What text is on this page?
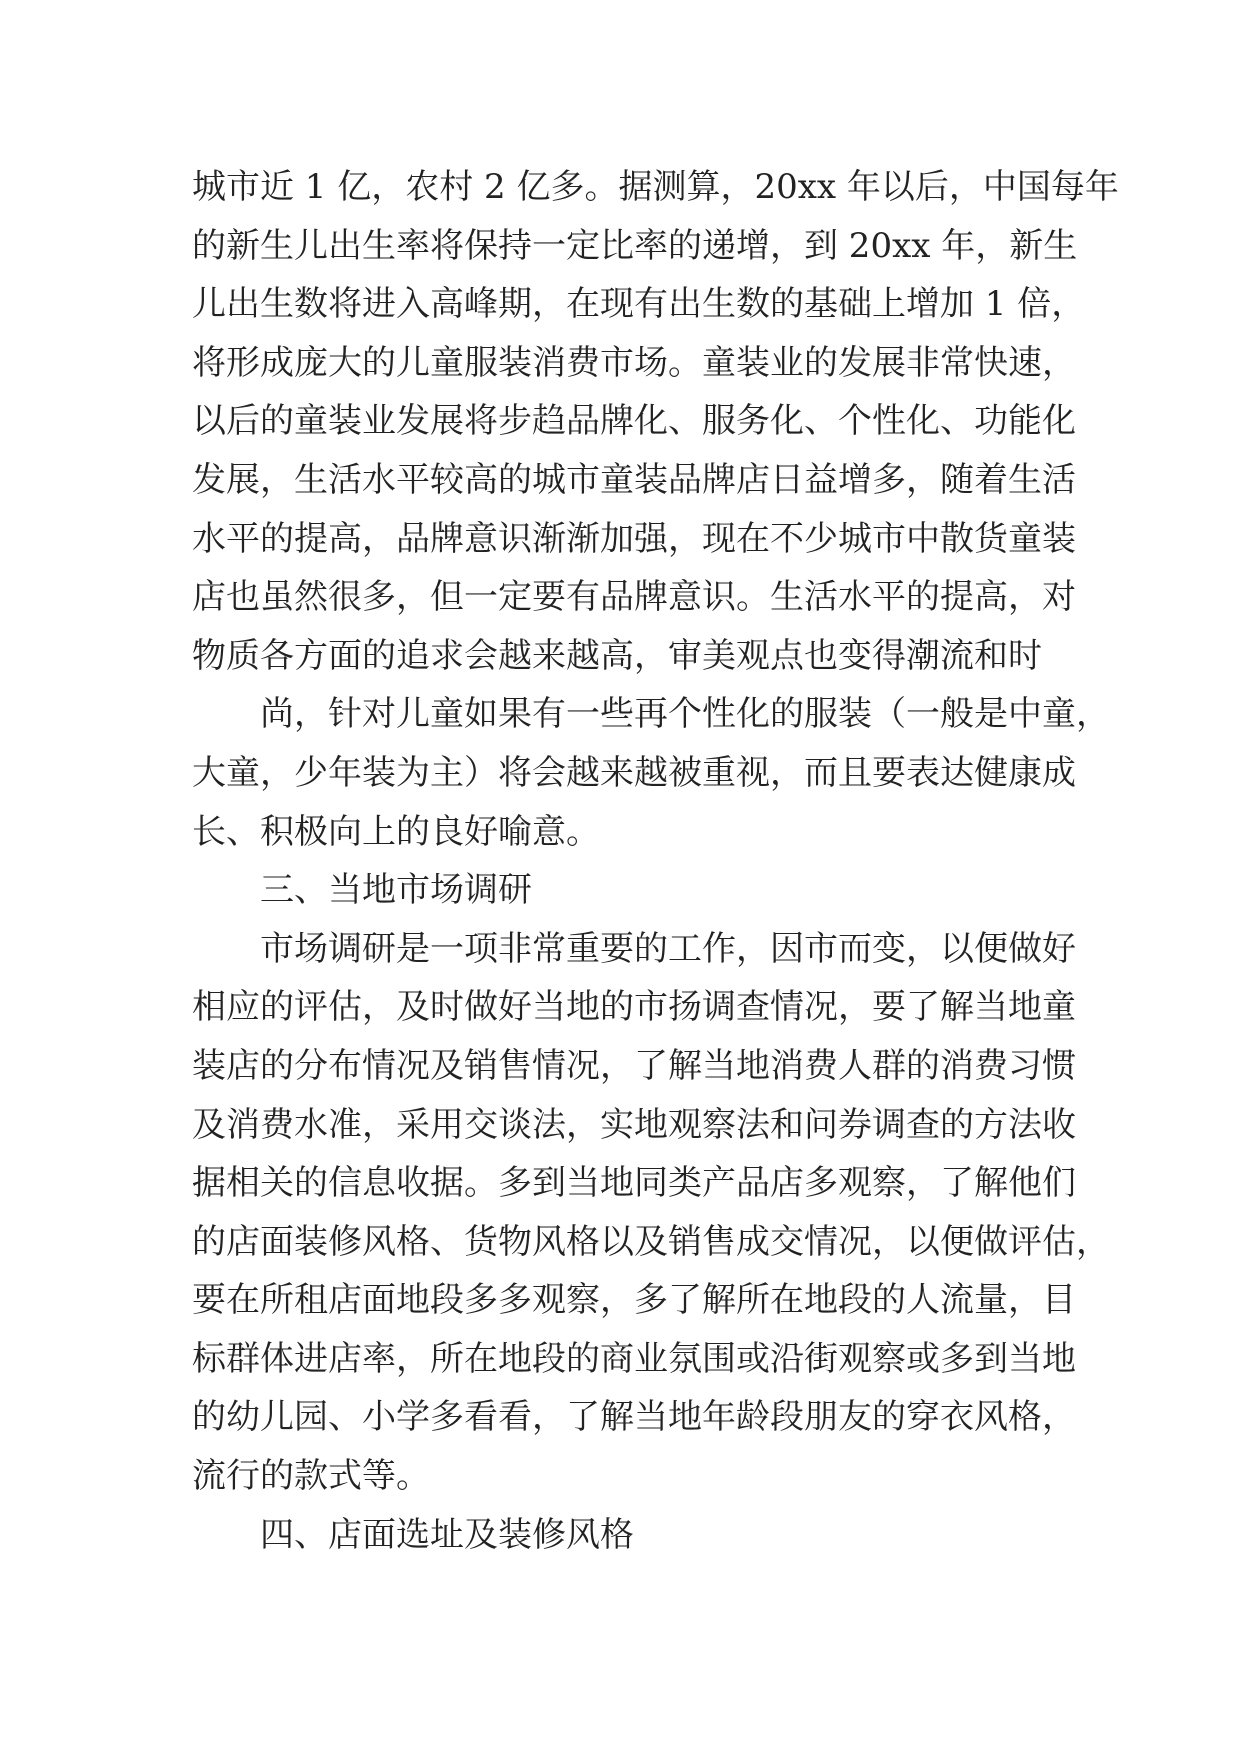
城市近 1 亿，农村 2 亿多。据测算，20xx 年以后，中国每年
的新生儿出生率将保持一定比率的递增，到 20xx 年，新生
儿出生数将进入高峰期，在现有出生数的基础上增加 1 倍，
将形成庞大的儿童服装消费市场。童装业的发展非常快速，
以后的童装业发展将步趋品牌化、服务化、个性化、功能化
发展，生活水平较高的城市童装品牌店日益增多，随着生活
水平的提高，品牌意识渐渐加强，现在不少城市中散货童装
店也虽然很多，但一定要有品牌意识。生活水平的提高，对
物质各方面的追求会越来越高，审美观点也变得潮流和时
尚，针对儿童如果有一些再个性化的服装（一般是中童，
大童，少年装为主）将会越来越被重视，而且要表达健康成
长、积极向上的良好喻意。
三、当地市场调研
市场调研是一项非常重要的工作，因市而变，以便做好
相应的评估，及时做好当地的市扬调查情况，要了解当地童
装店的分布情况及销售情况，了解当地消费人群的消费习惯
及消费水准，采用交谈法，实地观察法和问券调查的方法收
据相关的信息收据。多到当地同类产品店多观察，了解他们
的店面装修风格、货物风格以及销售成交情况，以便做评估，
要在所租店面地段多多观察，多了解所在地段的人流量，目
标群体进店率，所在地段的商业氛围或沿街观察或多到当地
的幼儿园、小学多看看，了解当地年龄段朋友的穿衣风格，
流行的款式等。
四、店面选址及装修风格
